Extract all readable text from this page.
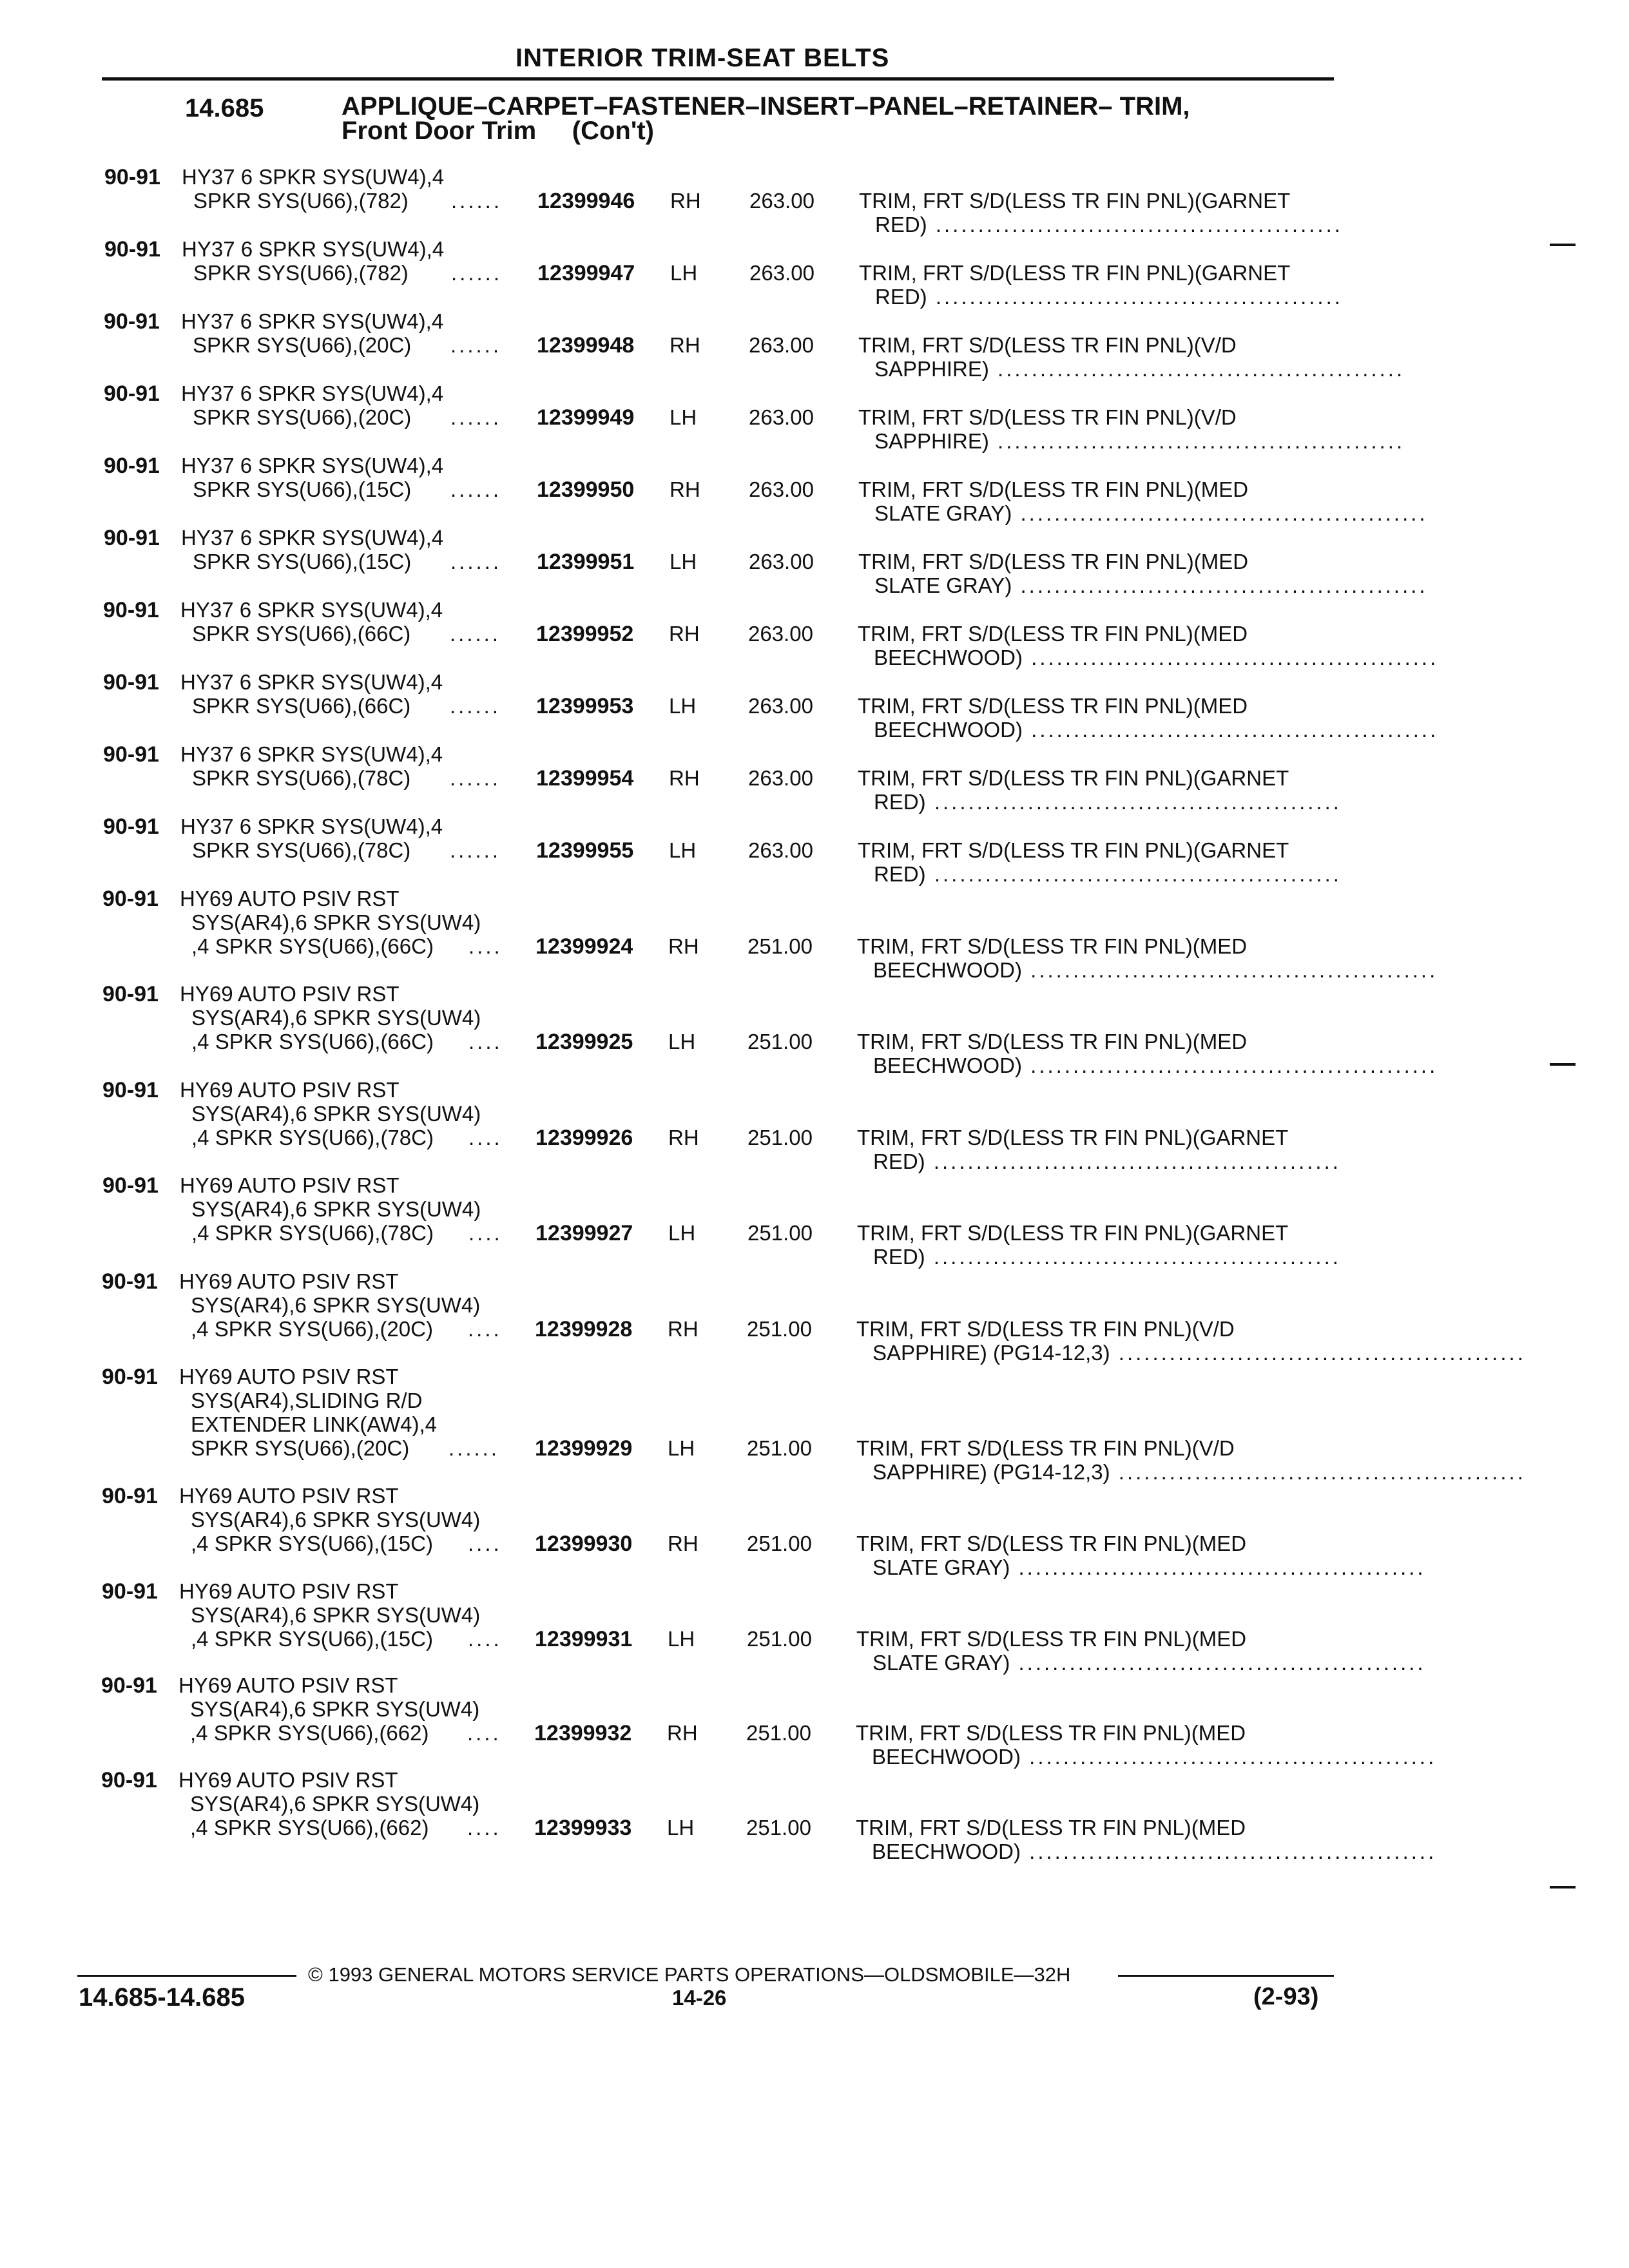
INTERIOR TRIM-SEAT BELTS
14.685	APPLIQUE–CARPET–FASTENER–INSERT–PANEL–RETAINER– TRIM,
Front Door Trim     (Con't)
90-91 HY37 6 SPKR SYS(UW4),4
SPKR SYS(U66),(782) ...... 12399946 RH 263.00 TRIM, FRT S/D(LESS TR FIN PNL)(GARNET
RED) ................................................
90-91 HY37 6 SPKR SYS(UW4),4
SPKR SYS(U66),(782) ...... 12399947 LH 263.00 TRIM, FRT S/D(LESS TR FIN PNL)(GARNET
RED) ................................................
90-91 HY37 6 SPKR SYS(UW4),4
SPKR SYS(U66),(20C) ...... 12399948 RH 263.00 TRIM, FRT S/D(LESS TR FIN PNL)(V/D
SAPPHIRE) ................................................
90-91 HY37 6 SPKR SYS(UW4),4
SPKR SYS(U66),(20C) ...... 12399949 LH 263.00 TRIM, FRT S/D(LESS TR FIN PNL)(V/D
SAPPHIRE) ................................................
90-91 HY37 6 SPKR SYS(UW4),4
SPKR SYS(U66),(15C) ...... 12399950 RH 263.00 TRIM, FRT S/D(LESS TR FIN PNL)(MED
SLATE GRAY) ................................................
90-91 HY37 6 SPKR SYS(UW4),4
SPKR SYS(U66),(15C) ...... 12399951 LH 263.00 TRIM, FRT S/D(LESS TR FIN PNL)(MED
SLATE GRAY) ................................................
90-91 HY37 6 SPKR SYS(UW4),4
SPKR SYS(U66),(66C) ...... 12399952 RH 263.00 TRIM, FRT S/D(LESS TR FIN PNL)(MED
BEECHWOOD) ................................................
90-91 HY37 6 SPKR SYS(UW4),4
SPKR SYS(U66),(66C) ...... 12399953 LH 263.00 TRIM, FRT S/D(LESS TR FIN PNL)(MED
BEECHWOOD) ................................................
90-91 HY37 6 SPKR SYS(UW4),4
SPKR SYS(U66),(78C) ...... 12399954 RH 263.00 TRIM, FRT S/D(LESS TR FIN PNL)(GARNET
RED) ................................................
90-91 HY37 6 SPKR SYS(UW4),4
SPKR SYS(U66),(78C) ...... 12399955 LH 263.00 TRIM, FRT S/D(LESS TR FIN PNL)(GARNET
RED) ................................................
90-91 HY69 AUTO PSIV RST
SYS(AR4),6 SPKR SYS(UW4)
,4 SPKR SYS(U66),(66C) .... 12399924 RH 251.00 TRIM, FRT S/D(LESS TR FIN PNL)(MED
BEECHWOOD) ................................................
90-91 HY69 AUTO PSIV RST
SYS(AR4),6 SPKR SYS(UW4)
,4 SPKR SYS(U66),(66C) .... 12399925 LH 251.00 TRIM, FRT S/D(LESS TR FIN PNL)(MED
BEECHWOOD) ................................................
90-91 HY69 AUTO PSIV RST
SYS(AR4),6 SPKR SYS(UW4)
,4 SPKR SYS(U66),(78C) .... 12399926 RH 251.00 TRIM, FRT S/D(LESS TR FIN PNL)(GARNET
RED) ................................................
90-91 HY69 AUTO PSIV RST
SYS(AR4),6 SPKR SYS(UW4)
,4 SPKR SYS(U66),(78C) .... 12399927 LH 251.00 TRIM, FRT S/D(LESS TR FIN PNL)(GARNET
RED) ................................................
90-91 HY69 AUTO PSIV RST
SYS(AR4),6 SPKR SYS(UW4)
,4 SPKR SYS(U66),(20C) .... 12399928 RH 251.00 TRIM, FRT S/D(LESS TR FIN PNL)(V/D
SAPPHIRE) (PG14-12,3) ................................................
90-91 HY69 AUTO PSIV RST
SYS(AR4),SLIDING R/D
EXTENDER LINK(AW4),4
SPKR SYS(U66),(20C) ...... 12399929 LH 251.00 TRIM, FRT S/D(LESS TR FIN PNL)(V/D
SAPPHIRE) (PG14-12,3) ................................................
90-91 HY69 AUTO PSIV RST
SYS(AR4),6 SPKR SYS(UW4)
,4 SPKR SYS(U66),(15C) .... 12399930 RH 251.00 TRIM, FRT S/D(LESS TR FIN PNL)(MED
SLATE GRAY) ................................................
90-91 HY69 AUTO PSIV RST
SYS(AR4),6 SPKR SYS(UW4)
,4 SPKR SYS(U66),(15C) .... 12399931 LH 251.00 TRIM, FRT S/D(LESS TR FIN PNL)(MED
SLATE GRAY) ................................................
90-91 HY69 AUTO PSIV RST
SYS(AR4),6 SPKR SYS(UW4)
,4 SPKR SYS(U66),(662) .... 12399932 RH 251.00 TRIM, FRT S/D(LESS TR FIN PNL)(MED
BEECHWOOD) ................................................
90-91 HY69 AUTO PSIV RST
SYS(AR4),6 SPKR SYS(UW4)
,4 SPKR SYS(U66),(662) .... 12399933 LH 251.00 TRIM, FRT S/D(LESS TR FIN PNL)(MED
BEECHWOOD) ................................................
© 1993 GENERAL MOTORS SERVICE PARTS OPERATIONS—OLDSMOBILE—32H
14.685-14.685	14-26	(2-93)
